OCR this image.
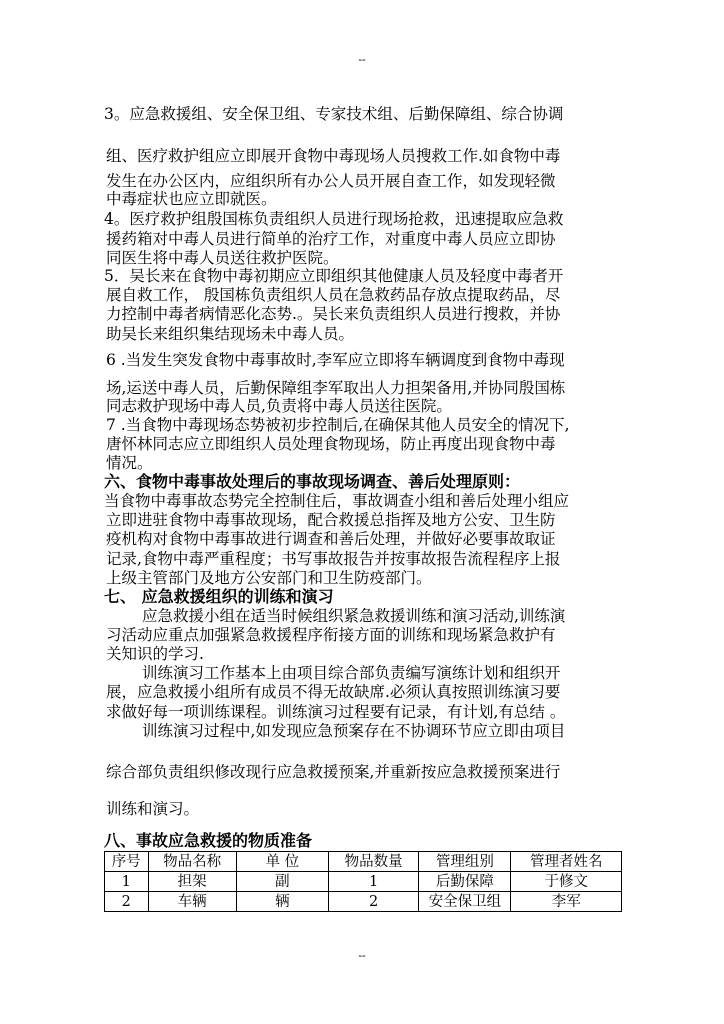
--
3。应急救援组、安全保卫组、专家技术组、后勤保障组、综合协调
组、医疗救护组应立即展开食物中毒现场人员搜救工作.如食物中毒
发生在办公区内，应组织所有办公人员开展自查工作，如发现轻微
中毒症状也应立即就医。
4。医疗救护组殷国栋负责组织人员进行现场抢救，迅速提取应急救
援药箱对中毒人员进行简单的治疗工作，对重度中毒人员应立即协
同医生将中毒人员送往救护医院。
5．吴长来在食物中毒初期应立即组织其他健康人员及轻度中毒者开
展自救工作， 殷国栋负责组织人员在急救药品存放点提取药品，尽
力控制中毒者病情恶化态势.。吴长来负责组织人员进行搜救，并协
助吴长来组织集结现场未中毒人员。
6 .当发生突发食物中毒事故时,李军应立即将车辆调度到食物中毒现
场,运送中毒人员，后勤保障组李军取出人力担架备用,并协同殷国栋
同志救护现场中毒人员,负责将中毒人员送往医院。
7 .当食物中毒现场态势被初步控制后,在确保其他人员安全的情况下,
唐怀林同志应立即组织人员处理食物现场，防止再度出现食物中毒
情况。
六、食物中毒事故处理后的事故现场调查、善后处理原则：
当食物中毒事故态势完全控制住后，事故调查小组和善后处理小组应
立即进驻食物中毒事故现场，配合救援总指挥及地方公安、卫生防
疫机构对食物中毒事故进行调查和善后处理，并做好必要事故取证
记录,食物中毒严重程度；书写事故报告并按事故报告流程程序上报
上级主管部门及地方公安部门和卫生防疫部门。
七、 应急救援组织的训练和演习
应急救援小组在适当时候组织紧急救援训练和演习活动,训练演
习活动应重点加强紧急救援程序衔接方面的训练和现场紧急救护有
关知识的学习.
训练演习工作基本上由项目综合部负责编写演练计划和组织开
展，应急救援小组所有成员不得无故缺席.必须认真按照训练演习要
求做好每一项训练课程。训练演习过程要有记录，有计划,有总结 。
训练演习过程中,如发现应急预案存在不协调环节应立即由项目
综合部负责组织修改现行应急救援预案,并重新按应急救援预案进行
训练和演习。
八、事故应急救援的物质准备
序号	物品名称	单 位	物品数量	管理组别	管理者姓名
1	担架	副	1	后勤保障	于修文
2	车辆	辆	2	安全保卫组	李军
--
